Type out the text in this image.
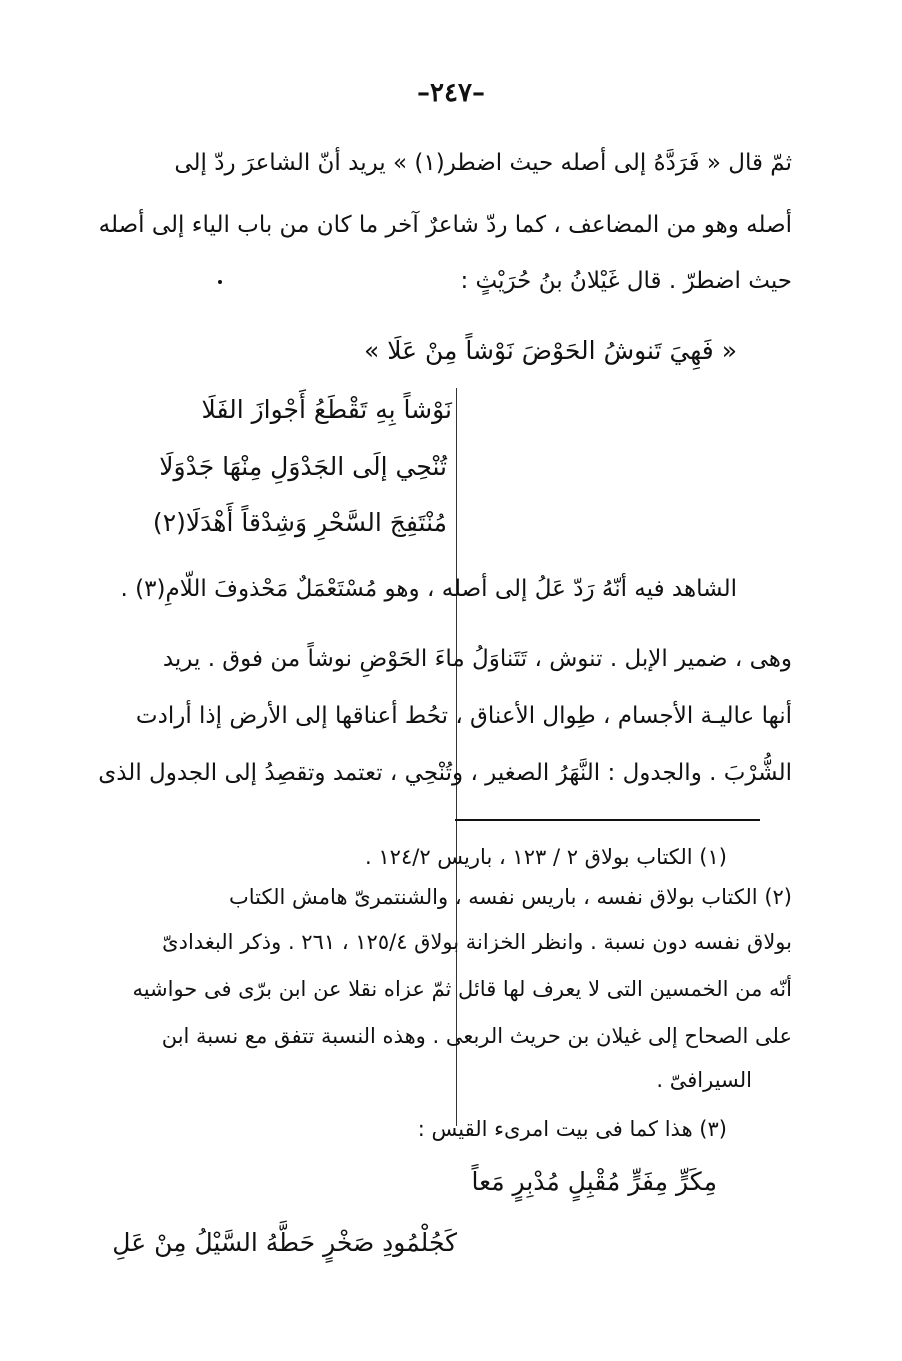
–٢٤٧–
ثمّ قال « فَرَدَّهُ إلى أصله حيث اضطر(١) » يريد أنّ الشاعرَ ردّ إلى
أصله وهو من المضاعف ، كما ردّ شاعرٌ آخر ما كان من باب الياء إلى أصله
حيث اضطرّ . قال غَيْلانُ بنُ حُرَيْثٍ :
« فَهِيَ تَنوشُ الحَوْضَ نَوْشاً مِنْ عَلَا »
نَوْشاً بِهِ تَقْطَعُ أَجْوازَ الفَلَا
تُنْحِي إلَى الجَدْوَلِ مِنْهَا جَدْوَلَا
مُنْتَفِجَ السَّحْرِ وَشِدْقاً أَهْدَلَا(٢)
الشاهد فيه أنّهُ رَدّ عَلُ إلى أصله ، وهو مُسْتَعْمَلٌ مَحْذوفَ اللّامِ(٣) .
وهى ، ضمير الإبل . تنوش ، تَتَناوَلُ ماءَ الحَوْضِ نوشاً من فوق . يريد
أنها عاليـة الأجسام ، طِوال الأعناق ، تحُط أعناقها إلى الأرض إذا أرادت
الشُّرْبَ . والجدول : النَّهَرُ الصغير ، وتُنْحِي ، تعتمد وتقصِدُ إلى الجدول الذى
(١) الكتاب بولاق ٢ / ١٢٣ ، باريس ١٢٤/٢ .
(٢) الكتاب بولاق نفسه ، باريس نفسه ، والشنتمرىّ هامش الكتاب
بولاق نفسه دون نسبة . وانظر الخزانة بولاق ١٢٥/٤ ، ٢٦١ . وذكر البغدادىّ
أنّه من الخمسين التى لا يعرف لها قائل ثمّ عزاه نقلا عن ابن برّى فى حواشيه
على الصحاح إلى غيلان بن حريث الربعى . وهذه النسبة تتفق مع نسبة ابن
السيرافىّ .
(٣) هذا كما فى بيت امرىء القيس :
مِكَرٍّ مِفَرٍّ مُقْبِلٍ مُدْبِرٍ مَعاً
كَجُلْمُودِ صَخْرٍ حَطَّهُ السَّيْلُ مِنْ عَلِ
